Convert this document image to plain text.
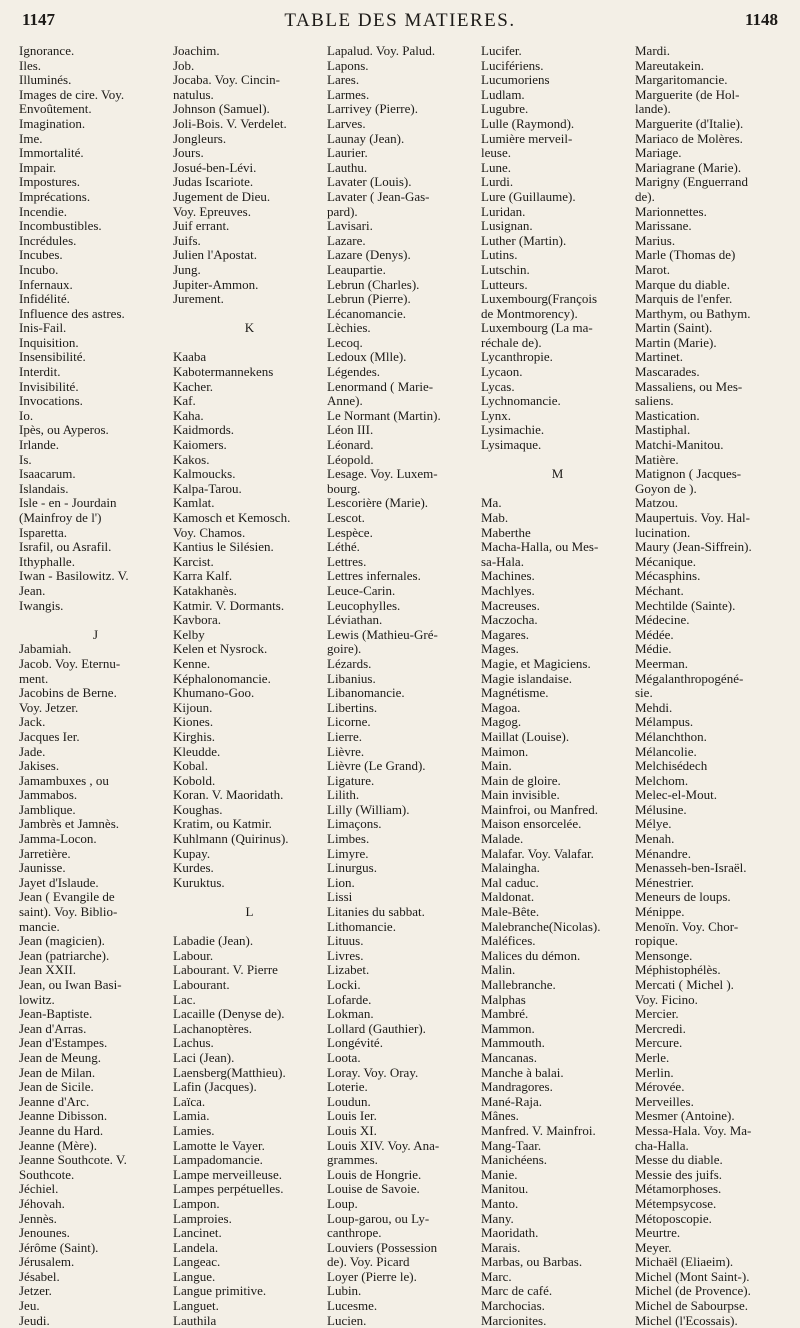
1147	TABLE DES MATIERES.	1148
Ignorance.
Iles.
Illuminés.
Images de cire. Voy.
Envoûtement.
Imagination.
Ime.
Immortalité.
Impair.
Impostures.
Imprécations.
Incendie.
Incombustibles.
Incrédules.
Incubes.
Incubo.
Infernaux.
Infidélité.
Influence des astres.
Inis-Fail.
Inquisition.
Insensibilité.
Interdit.
Invisibilité.
Invocations.
Io.
Ipès, ou Ayperos.
Irlande.
Is.
Isaacarum.
Islandais.
Isle - en - Jourdain
(Mainfroy de l')
Isparetta.
Israfil, ou Asrafil.
Ithyphalle.
Iwan - Basilowitz. V.
Jean.
Iwangis.
J
Jabamiah.
Jacob. Voy. Eternu-
ment.
Jacobins de Berne.
Voy. Jetzer.
Jack.
Jacques Ier.
Jade.
Jakises.
Jamambuxes , ou
Jammabos.
Jamblique.
Jambrès et Jamnès.
Jamma-Locon.
Jarretière.
Jaunisse.
Jayet d'Islaude.
Jean ( Evangile de
saint). Voy. Biblio-
mancie.
Jean (magicien).
Jean (patriarche).
Jean XXII.
Jean, ou Iwan Basi-
lowitz.
Jean-Baptiste.
Jean d'Arras.
Jean d'Estampes.
Jean de Meung.
Jean de Milan.
Jean de Sicile.
Jeanne d'Arc.
Jeanne Dibisson.
Jeanne du Hard.
Jeanne (Mère).
Jeanne Southcote. V.
Southcote.
Jéchiel.
Jéhovah.
Jennès.
Jenounes.
Jérôme (Saint).
Jérusalem.
Jésabel.
Jetzer.
Jeu.
Jeudi.
Joachim.
Job.
Jocaba. Voy. Cincin-
natulus.
Johnson (Samuel).
Joli-Bois. V. Verdelet.
Jongleurs.
Jours.
Josué-ben-Lévi.
Judas Iscariote.
Jugement de Dieu.
Voy. Epreuves.
Juif errant.
Juifs.
Julien l'Apostat.
Jung.
Jupiter-Ammon.
Jurement.
K
Kaaba
Kabotermannekens
Kacher.
Kaf.
Kaha.
Kaidmords.
Kaiomers.
Kakos.
Kalmoucks.
Kalpa-Tarou.
Kamlat.
Kamosch et Kemosch.
Voy. Chamos.
Kantius le Silésien.
Karcist.
Karra Kalf.
Katakhanès.
Katmir. V. Dormants.
Kavbora.
Kelby
Kelen et Nysrock.
Kenne.
Képhalonomancie.
Khumano-Goo.
Kijoun.
Kiones.
Kirghis.
Kleudde.
Kobal.
Kobold.
Koran. V. Maoridath.
Koughas.
Kratim, ou Katmir.
Kuhlmann (Quirinus).
Kupay.
Kurdes.
Kuruktus.
L
Labadie (Jean).
Labour.
Labourant. V. Pierre
Labourant.
Lac.
Lacaille (Denyse de).
Lachanoptères.
Lachus.
Laci (Jean).
Laensberg(Matthieu).
Lafin (Jacques).
Laïca.
Lamia.
Lamies.
Lamotte le Vayer.
Lampadomancie.
Lampe merveilleuse.
Lampes perpétuelles.
Lampon.
Lamproies.
Lancinet.
Landela.
Langeac.
Langue.
Langue primitive.
Languet.
Lauthila
Lapalud. Voy. Palud.
Lapons.
Lares.
Larmes.
Larrivey (Pierre).
Larves.
Launay (Jean).
Laurier.
Lauthu.
Lavater (Louis).
Lavater ( Jean-Gas-
pard).
Lavisari.
Lazare.
Lazare (Denys).
Leaupartie.
Lebrun (Charles).
Lebrun (Pierre).
Lécanomancie.
Lèchies.
Lecoq.
Ledoux (Mlle).
Légendes.
Lenormand ( Marie-
Anne).
Le Normant (Martin).
Léon III.
Léonard.
Léopold.
Lesage. Voy. Luxem-
bourg.
Lescorière (Marie).
Lescot.
Lespèce.
Léthé.
Lettres.
Lettres infernales.
Leuce-Carin.
Leucophylles.
Léviathan.
Lewis (Mathieu-Gré-
goire).
Lézards.
Libanius.
Libanomancie.
Libertins.
Licorne.
Lierre.
Lièvre.
Lièvre (Le Grand).
Ligature.
Lilith.
Lilly (William).
Limaçons.
Limbes.
Limyre.
Linurgus.
Lion.
Lissi
Litanies du sabbat.
Lithomancie.
Lituus.
Livres.
Lizabet.
Locki.
Lofarde.
Lokman.
Lollard (Gauthier).
Longévité.
Loota.
Loray. Voy. Oray.
Loterie.
Loudun.
Louis Ier.
Louis XI.
Louis XIV. Voy. Ana-
grammes.
Louis de Hongrie.
Louise de Savoie.
Loup.
Loup-garou, ou Ly-
canthrope.
Louviers (Possession
de). Voy. Picard
Loyer (Pierre le).
Lubin.
Lucesme.
Lucien.
Lucifer.
Lucifériens.
Lucumoriens
Ludlam.
Lugubre.
Lulle (Raymond).
Lumière merveil-
leuse.
Lune.
Lurdi.
Lure (Guillaume).
Luridan.
Lusignan.
Luther (Martin).
Lutins.
Lutschin.
Lutteurs.
Luxembourg(François
de Montmorency).
Luxembourg (La ma-
réchale de).
Lycanthropie.
Lycaon.
Lycas.
Lychnomancie.
Lynx.
Lysimachie.
Lysimaque.
M
Ma.
Mab.
Maberthe
Macha-Halla, ou Mes-
sa-Hala.
Machines.
Machlyes.
Macreuses.
Maczocha.
Magares.
Mages.
Magie, et Magiciens.
Magie islandaise.
Magnétisme.
Magoa.
Magog.
Maillat (Louise).
Maimon.
Main.
Main de gloire.
Main invisible.
Mainfroi, ou Manfred.
Maison ensorcelée.
Malade.
Malafar. Voy. Valafar.
Malaingha.
Mal caduc.
Maldonat.
Male-Bête.
Malebranche(Nicolas).
Maléfices.
Malices du démon.
Malin.
Mallebranche.
Malphas
Mambré.
Mammon.
Mammouth.
Mancanas.
Manche à balai.
Mandragores.
Mané-Raja.
Mânes.
Manfred. V. Mainfroi.
Mang-Taar.
Manichéens.
Manie.
Manitou.
Manto.
Many.
Maoridath.
Marais.
Marbas, ou Barbas.
Marc.
Marc de café.
Marchocias.
Marcionites.
Mardi.
Mareutakein.
Margaritomancie.
Marguerite (de Hol-
lande).
Marguerite (d'Italie).
Mariaco de Molères.
Mariage.
Mariagrane (Marie).
Marigny (Enguerrand
de).
Marionnettes.
Marissane.
Marius.
Marle (Thomas de)
Marot.
Marque du diable.
Marquis de l'enfer.
Marthym, ou Bathym.
Martin (Saint).
Martin (Marie).
Martinet.
Mascarades.
Massaliens, ou Mes-
saliens.
Mastication.
Mastiphal.
Matchi-Manitou.
Matière.
Matignon ( Jacques-
Goyon de ).
Matzou.
Maupertuis. Voy. Hal-
lucination.
Maury (Jean-Siffrein).
Mécanique.
Mécasphins.
Méchant.
Mechtilde (Sainte).
Médecine.
Médée.
Médie.
Meerman.
Mégalanthropogéné-
sie.
Mehdi.
Mélampus.
Mélanchthon.
Mélancolie.
Melchisédech
Melchom.
Melec-el-Mout.
Mélusine.
Mélye.
Menah.
Ménandre.
Menasseh-ben-Israël.
Ménestrier.
Meneurs de loups.
Ménippe.
Menoïn. Voy. Chor-
ropique.
Mensonge.
Méphistophélès.
Mercati ( Michel ).
Voy. Ficino.
Mercier.
Mercredi.
Mercure.
Merle.
Merlin.
Mérovée.
Merveilles.
Mesmer (Antoine).
Messa-Hala. Voy. Ma-
cha-Halla.
Messe du diable.
Messie des juifs.
Métamorphoses.
Métempsycose.
Métoposcopie.
Meurtre.
Meyer.
Michaël (Eliaeim).
Michel (Mont Saint-).
Michel (de Provence).
Michel de Sabourpse.
Michel (l'Ecossais).
